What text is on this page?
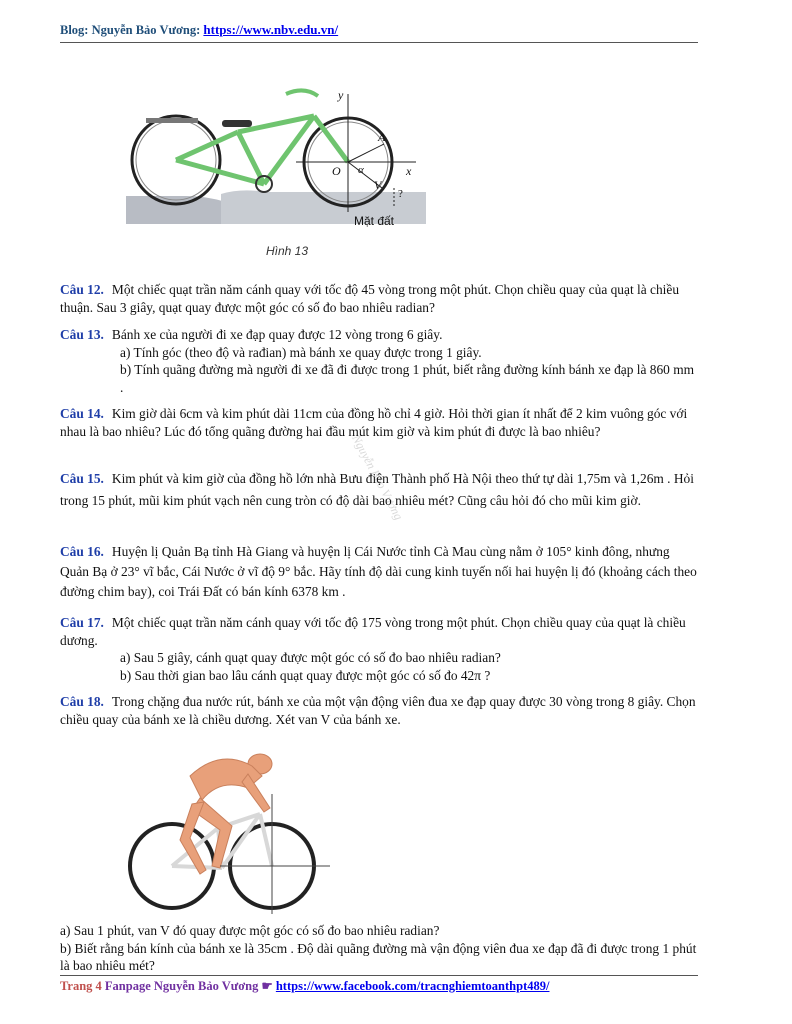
Blog: Nguyễn Bảo Vương: https://www.nbv.edu.vn/
y
x
O
A
V
α
?
Mặt đất
Hình 13
Nguyễn Bảo Vương
Câu 12. Một chiếc quạt trần năm cánh quay với tốc độ 45 vòng trong một phút. Chọn chiều quay của quạt là chiều thuận. Sau 3 giây, quạt quay được một góc có số đo bao nhiêu radian?
Câu 13. Bánh xe của người đi xe đạp quay được 12 vòng trong 6 giây.
a) Tính góc (theo độ và rađian) mà bánh xe quay được trong 1 giây.
b) Tính quãng đường mà người đi xe đã đi được trong 1 phút, biết rằng đường kính bánh xe đạp là 860 mm .
Câu 14. Kim giờ dài 6cm và kim phút dài 11cm của đồng hồ chỉ 4 giờ. Hỏi thời gian ít nhất để 2 kim vuông góc với nhau là bao nhiêu? Lúc đó tổng quãng đường hai đầu mút kim giờ và kim phút đi được là bao nhiêu?
Câu 15. Kim phút và kim giờ của đồng hồ lớn nhà Bưu điện Thành phố Hà Nội theo thứ tự dài 1,75m và 1,26m . Hỏi trong 15 phút, mũi kim phút vạch nên cung tròn có độ dài bao nhiêu mét? Cũng câu hỏi đó cho mũi kim giờ.
Câu 16. Huyện lị Quản Bạ tỉnh Hà Giang và huyện lị Cái Nước tỉnh Cà Mau cùng nằm ở 105° kinh đông, nhưng Quản Bạ ở 23° vĩ bắc, Cái Nước ở vĩ độ 9° bắc. Hãy tính độ dài cung kinh tuyến nối hai huyện lị đó (khoảng cách theo đường chim bay), coi Trái Đất có bán kính 6378 km .
Câu 17. Một chiếc quạt trần năm cánh quay với tốc độ 175 vòng trong một phút. Chọn chiều quay của quạt là chiều dương.
a) Sau 5 giây, cánh quạt quay được một góc có số đo bao nhiêu radian?
b) Sau thời gian bao lâu cánh quạt quay được một góc có số đo 42π ?
Câu 18. Trong chặng đua nước rút, bánh xe của một vận động viên đua xe đạp quay được 30 vòng trong 8 giây. Chọn chiều quay của bánh xe là chiều dương. Xét van V của bánh xe.
a) Sau 1 phút, van V đó quay được một góc có số đo bao nhiêu radian?
b) Biết rằng bán kính của bánh xe là 35cm . Độ dài quãng đường mà vận động viên đua xe đạp đã đi được trong 1 phút là bao nhiêu mét?
Trang 4 Fanpage Nguyễn Bảo Vương ☛ https://www.facebook.com/tracnghiemtoanthpt489/
